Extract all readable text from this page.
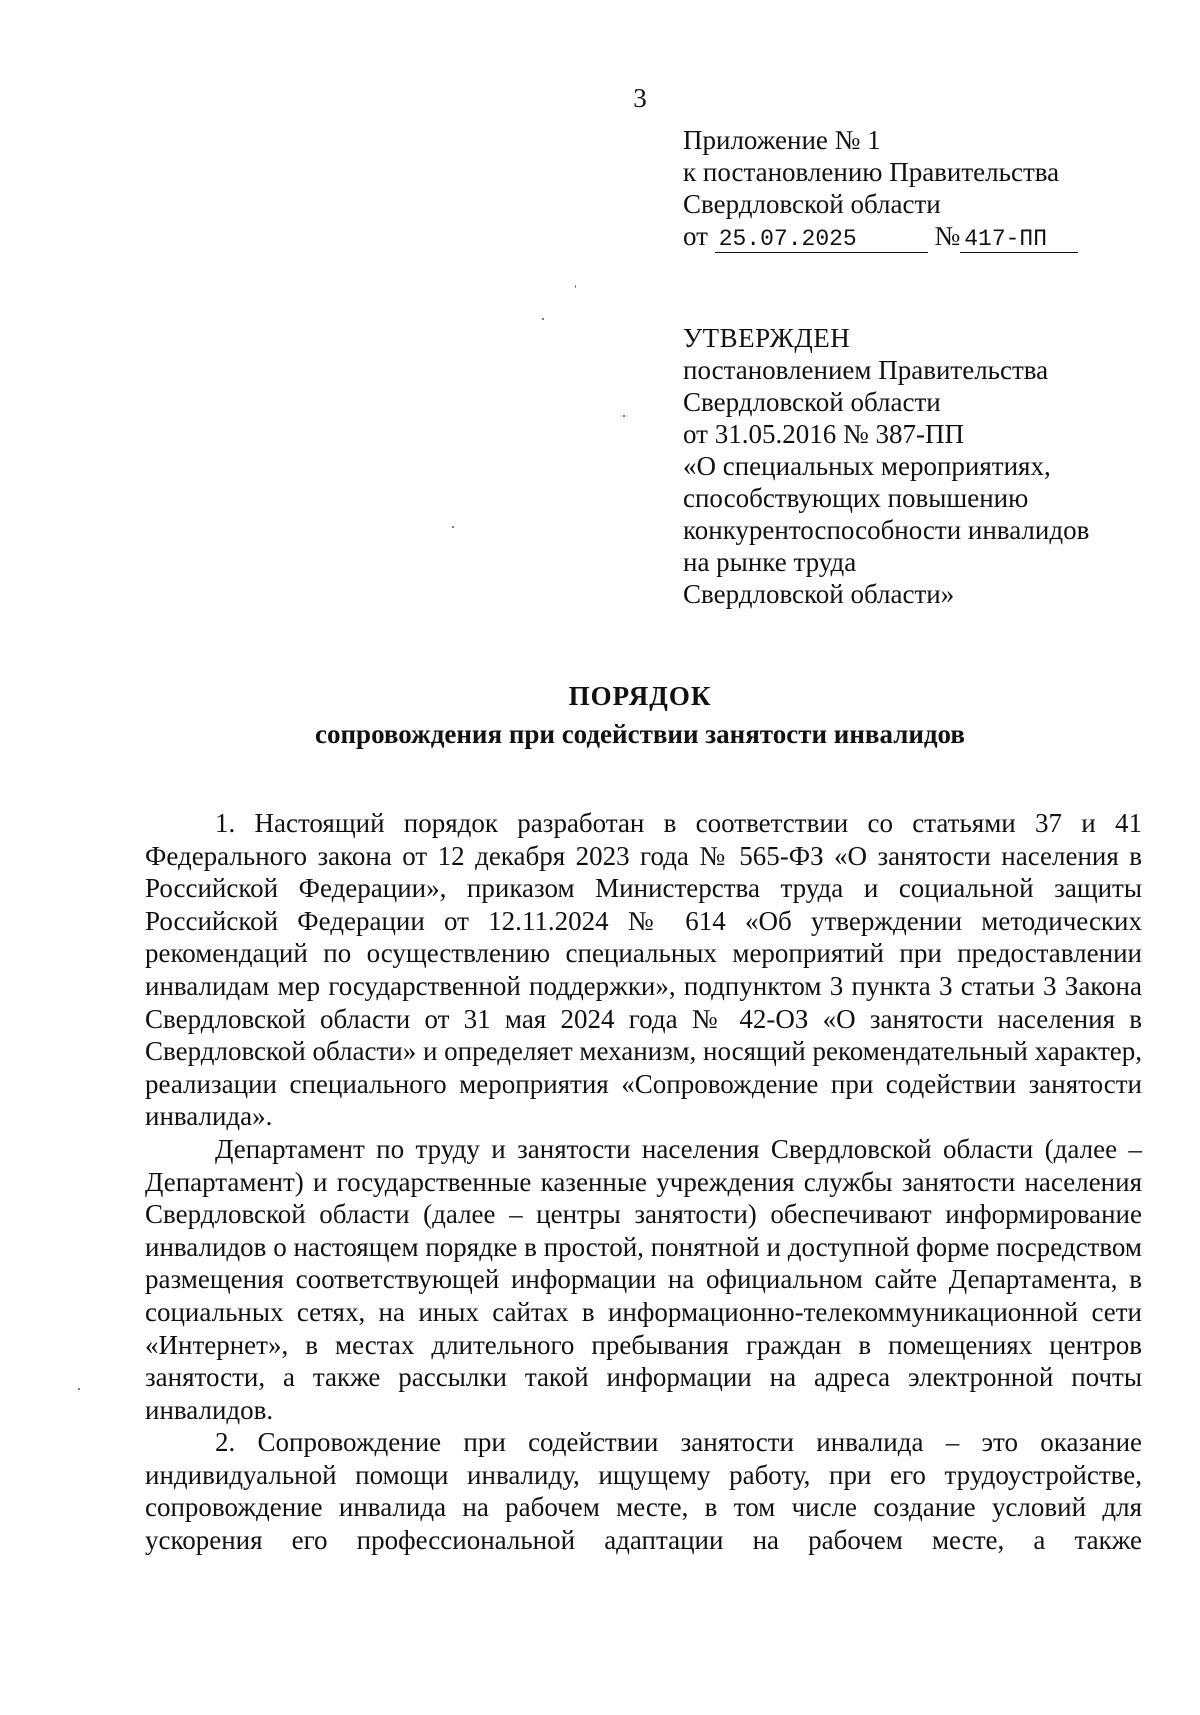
3
Приложение № 1
к постановлению Правительства
Свердловской области
от 25.07.2025	№ 417-ПП
УТВЕРЖДЕН
постановлением Правительства
Свердловской области
от 31.05.2016 № 387-ПП
«О специальных мероприятиях,
способствующих повышению
конкурентоспособности инвалидов
на рынке труда
Свердловской области»
ПОРЯДОК
сопровождения при содействии занятости инвалидов

1. Настоящий порядок разработан в соответствии со статьями 37 и 41 Федерального закона от 12 декабря 2023 года № 565-ФЗ «О занятости населения в Российской Федерации», приказом Министерства труда и социальной защиты Российской Федерации от 12.11.2024 № 614 «Об утверждении методических рекомендаций по осуществлению специальных мероприятий при предоставлении инвалидам мер государственной поддержки», подпунктом 3 пункта 3 статьи 3 Закона Свердловской области от 31 мая 2024 года № 42-ОЗ «О занятости населения в Свердловской области» и определяет механизм, носящий рекомендательный характер, реализации специального мероприятия «Сопровождение при содействии занятости инвалида».

Департамент по труду и занятости населения Свердловской области (далее – Департамент) и государственные казенные учреждения службы занятости населения Свердловской области (далее – центры занятости) обеспечивают информирование инвалидов о настоящем порядке в простой, понятной и доступной форме посредством размещения соответствующей информации на официальном сайте Департамента, в социальных сетях, на иных сайтах в информационно-телекоммуникационной сети «Интернет», в местах длительного пребывания граждан в помещениях центров занятости, а также рассылки такой информации на адреса электронной почты инвалидов.

2. Сопровождение при содействии занятости инвалида – это оказание индивидуальной помощи инвалиду, ищущему работу, при его трудоустройстве, сопровождение инвалида на рабочем месте, в том числе создание условий для ускорения его профессиональной адаптации на рабочем месте, а также
